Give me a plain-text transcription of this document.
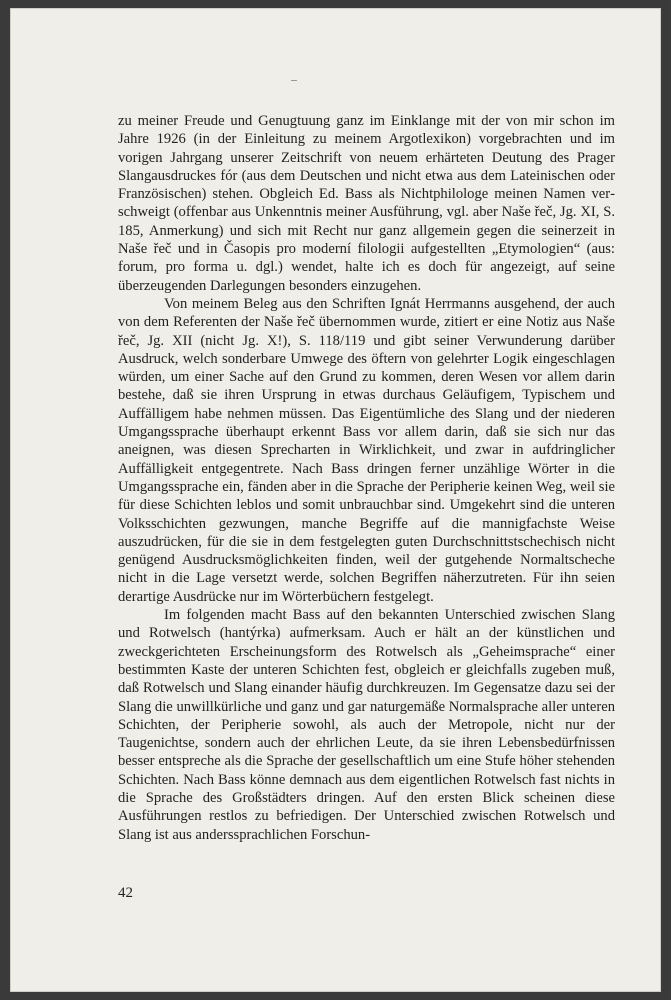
zu meiner Freude und Genugtuung ganz im Einklange mit der von mir schon im Jahre 1926 (in der Einleitung zu meinem Argotlexikon) vorgebrachten und im vorigen Jahrgang unserer Zeitschrift von neuem erhärteten Deutung des Prager Slangausdruckes fór (aus dem Deutschen und nicht etwa aus dem Lateinischen oder Französischen) stehen. Obgleich Ed. Bass als Nichtphilologe meinen Namen verschweigt (offenbar aus Unkenntnis meiner Ausführung, vgl. aber Naše řeč, Jg. XI, S. 185, Anmerkung) und sich mit Recht nur ganz allgemein gegen die seinerzeit in Naše řeč und in Časopis pro moderní filologii aufgestellten „Etymologien“ (aus: forum, pro forma u. dgl.) wendet, halte ich es doch für angezeigt, auf seine überzeugenden Darlegungen besonders einzugehen.

Von meinem Beleg aus den Schriften Ignát Herrmanns ausgehend, der auch von dem Referenten der Naše řeč übernommen wurde, zitiert er eine Notiz aus Naše řeč, Jg. XII (nicht Jg. X!), S. 118/119 und gibt seiner Verwunderung darüber Ausdruck, welch sonderbare Umwege des öftern von gelehrter Logik eingeschlagen würden, um einer Sache auf den Grund zu kommen, deren Wesen vor allem darin bestehe, daß sie ihren Ursprung in etwas durchaus Geläufigem, Typischem und Auffälligem habe nehmen müssen. Das Eigentümliche des Slang und der niederen Umgangssprache überhaupt erkennt Bass vor allem darin, daß sie sich nur das aneignen, was diesen Sprecharten in Wirklichkeit, und zwar in aufdringlicher Auffälligkeit entgegentrete. Nach Bass dringen ferner unzählige Wörter in die Umgangssprache ein, fänden aber in die Sprache der Peripherie keinen Weg, weil sie für diese Schichten leblos und somit unbrauchbar sind. Umgekehrt sind die unteren Volksschichten gezwungen, manche Begriffe auf die mannigfachste Weise auszudrücken, für die sie in dem festgelegten guten Durchschnittstschechisch nicht genügend Ausdrucksmöglichkeiten finden, weil der gutgehende Normaltscheche nicht in die Lage versetzt werde, solchen Begriffen näherzutreten. Für ihn seien derartige Ausdrücke nur im Wörterbüchern festgelegt.

Im folgenden macht Bass auf den bekannten Unterschied zwischen Slang und Rotwelsch (hantýrka) aufmerksam. Auch er hält an der künstlichen und zweckgerichteten Erscheinungsform des Rotwelsch als „Geheimsprache“ einer bestimmten Kaste der unteren Schichten fest, obgleich er gleichfalls zugeben muß, daß Rotwelsch und Slang einander häufig durchkreuzen. Im Gegensatze dazu sei der Slang die unwillkürliche und ganz und gar naturgemäße Normalsprache aller unteren Schichten, der Peripherie sowohl, als auch der Metropole, nicht nur der Taugenichtse, sondern auch der ehrlichen Leute, da sie ihren Lebensbedürfnissen besser entspreche als die Sprache der gesellschaftlich um eine Stufe höher stehenden Schichten. Nach Bass könne demnach aus dem eigentlichen Rotwelsch fast nichts in die Sprache des Großstädters dringen. Auf den ersten Blick scheinen diese Ausführungen restlos zu befriedigen. Der Unterschied zwischen Rotwelsch und Slang ist aus anderssprachlichen Forschun-

42
